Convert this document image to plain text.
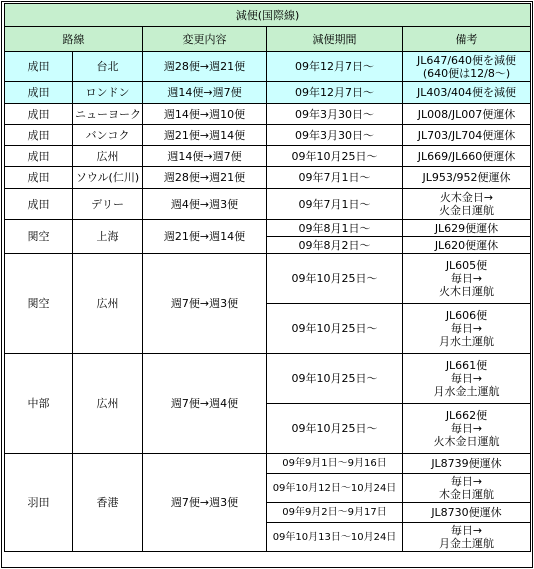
減便(国際線)				
路線		変更内容	減便期間	備考
成田	台北	週28便→週21便	09年12月7日〜	JL647/640便を減便
(640便は12/8〜)
成田	ロンドン	週14便→週7便	09年12月7日〜	JL403/404便を減便
成田	ニューヨーク	週14便→週10便	09年3月30日〜	JL008/JL007便運休
成田	バンコク	週21便→週14便	09年3月30日〜	JL703/JL704便運休
成田	広州	週14便→週7便	09年10月25日〜	JL669/JL660便運休
成田	ソウル(仁川)	週28便→週21便	09年7月1日〜	JL953/952便運休
成田	デリー	週4便→週3便	09年7月1日〜	火木金日→
火金日運航
関空	上海	週21便→週14便	09年8月1日〜	JL629便運休
			09年8月2日〜	JL620便運休
関空	広州	週7便→週3便	09年10月25日〜	JL605便
毎日→
火木日運航
			09年10月25日〜	JL606便
毎日→
月水土運航
中部	広州	週7便→週4便	09年10月25日〜	JL661便
毎日→
月水金土運航
			09年10月25日〜	JL662便
毎日→
火木金日運航
羽田	香港	週7便→週3便	09年9月1日〜9月16日	JL8739便運休
			09年10月12日〜10月24日	毎日→
木金日運航
			09年9月2日〜9月17日	JL8730便運休
			09年10月13日〜10月24日	毎日→
月金土運航
